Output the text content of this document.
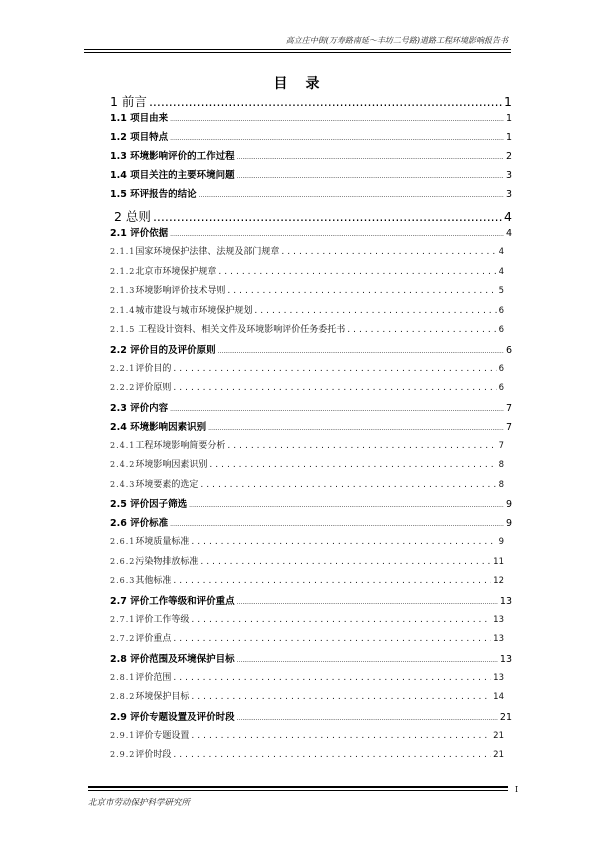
高立庄中街(万寿路南延～丰坊二号路)道路工程环境影响报告书
目　录
1 前言 .....	1
1.1 项目由来 .....	1
1.2 项目特点 .....	1
1.3 环境影响评价的工作过程 .....	2
1.4 项目关注的主要环境问题 .....	3
1.5 环评报告的结论 .....	3
2 总则 .....	4
2.1 评价依据 .....	4
2.1.1国家环境保护法律、法规及部门规章 .....	4
2.1.2北京市环境保护规章 .....	4
2.1.3环境影响评价技术导则 .....	5
2.1.4城市建设与城市环境保护规划 .....	6
2.1.5 工程设计资料、相关文件及环境影响评价任务委托书 .....	6
2.2 评价目的及评价原则 .....	6
2.2.1评价目的 .....	6
2.2.2评价原则 .....	6
2.3 评价内容 .....	7
2.4 环境影响因素识别 .....	7
2.4.1工程环境影响简要分析 .....	7
2.4.2环境影响因素识别 .....	8
2.4.3环境要素的选定 .....	8
2.5 评价因子筛选 .....	9
2.6 评价标准 .....	9
2.6.1环境质量标准 .....	9
2.6.2污染物排放标准 .....	11
2.6.3其他标准 .....	12
2.7 评价工作等级和评价重点 .....	13
2.7.1评价工作等级 .....	13
2.7.2评价重点 .....	13
2.8 评价范围及环境保护目标 .....	13
2.8.1评价范围 .....	13
2.8.2环境保护目标 .....	14
2.9 评价专题设置及评价时段 .....	21
2.9.1评价专题设置 .....	21
2.9.2评价时段 .....	21
北京市劳动保护科学研究所
I
